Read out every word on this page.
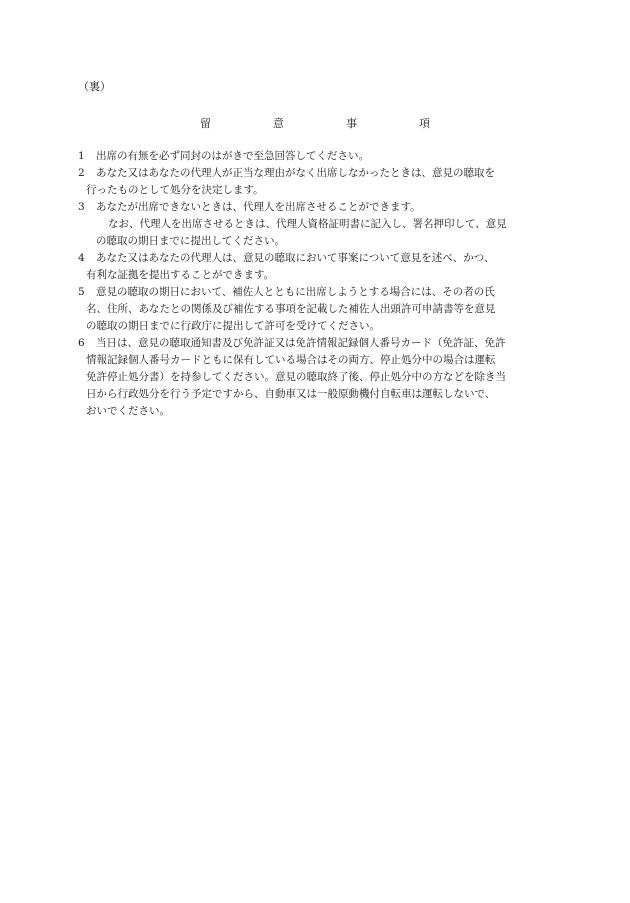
（裏）
留	意	事	項
1 出席の有無を必ず同封のはがきで至急回答してください。
2 あなた又はあなたの代理人が正当な理由がなく出席しなかったときは、意見の聴取を
行ったものとして処分を決定します。
3 あなたが出席できないときは、代理人を出席させることができます。
なお、代理人を出席させるときは、代理人資格証明書に記入し、署名押印して、意見
の聴取の期日までに提出してください。
4 あなた又はあなたの代理人は、意見の聴取において事案について意見を述べ、かつ、
有利な証拠を提出することができます。
5 意見の聴取の期日において、補佐人とともに出席しようとする場合には、その者の氏
名、住所、あなたとの関係及び補佐する事項を記載した補佐人出頭許可申請書等を意見
の聴取の期日までに行政庁に提出して許可を受けてください。
6 当日は、意見の聴取通知書及び免許証又は免許情報記録個人番号カード（免許証、免許
情報記録個人番号カードともに保有している場合はその両方、停止処分中の場合は運転
免許停止処分書）を持参してください。意見の聴取終了後、停止処分中の方などを除き当
日から行政処分を行う予定ですから、自動車又は一般原動機付自転車は運転しないで、
おいでください。
